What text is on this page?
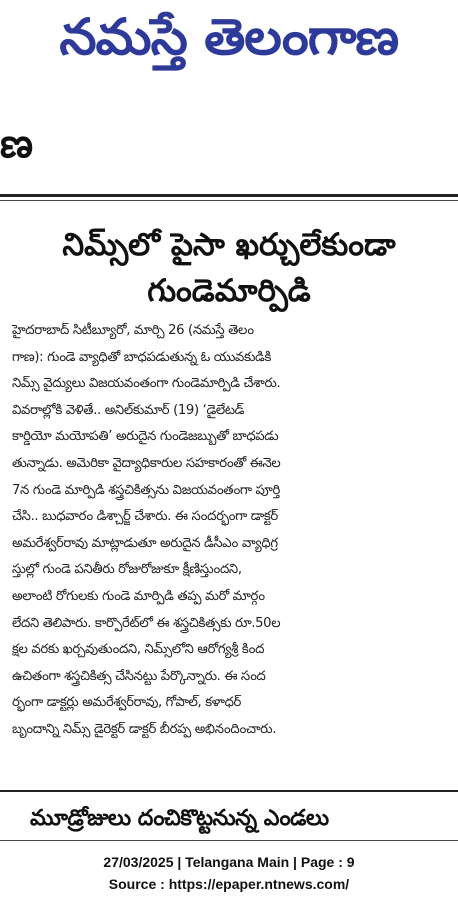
నమస్తే తెలంగాణ
ణ
నిమ్స్‌లో పైసా ఖర్చులేకుండా
గుండెమార్పిడి
హైదరాబాద్ సిటీబ్యూరో, మార్చి 26 (నమస్తే తెలం
గాణ): గుండె వ్యాధితో బాధపడుతున్న ఓ యువకుడికి
నిమ్స్ వైద్యులు విజయవంతంగా గుండెమార్పిడి చేశారు.
వివరాల్లోకి వెళితే.. అనిల్‌కుమార్ (19) ‘డైలేటడ్
కార్డియో మయోపతి’ అరుదైన గుండెజబ్బుతో బాధపడు
తున్నాడు. అమెరికా వైద్యాధికారుల సహకారంతో ఈనెల
7న గుండె మార్పిడి శస్త్రచికిత్సను విజయవంతంగా పూర్తి
చేసి.. బుధవారం డిశ్చార్జ్ చేశారు. ఈ సందర్భంగా డాక్టర్
అమరేశ్వర్‌రావు మాట్లాడుతూ అరుదైన డీసీఎం వ్యాధిగ్ర
స్తుల్లో గుండె పనితీరు రోజురోజుకూ క్షీణిస్తుందని,
అలాంటి రోగులకు గుండె మార్పిడి తప్ప మరో మార్గం
లేదని తెలిపారు. కార్పొరేట్‌లో ఈ శస్త్రచికిత్సకు రూ.50ల
క్షల వరకు ఖర్చవుతుందని, నిమ్స్‌లోని ఆరోగ్యశ్రీ కింద
ఉచితంగా శస్త్రచికిత్స చేసినట్టు పేర్కొన్నారు. ఈ సంద
ర్భంగా డాక్టర్లు అమరేశ్వర్‌రావు, గోపాల్, కళాధర్
బృందాన్ని నిమ్స్ డైరెక్టర్ డాక్టర్ బీరప్ప అభినందించారు.
మూడ్రోజులు దంచికొట్టనున్న ఎండలు
27/03/2025 | Telangana Main | Page : 9
Source : https://epaper.ntnews.com/
